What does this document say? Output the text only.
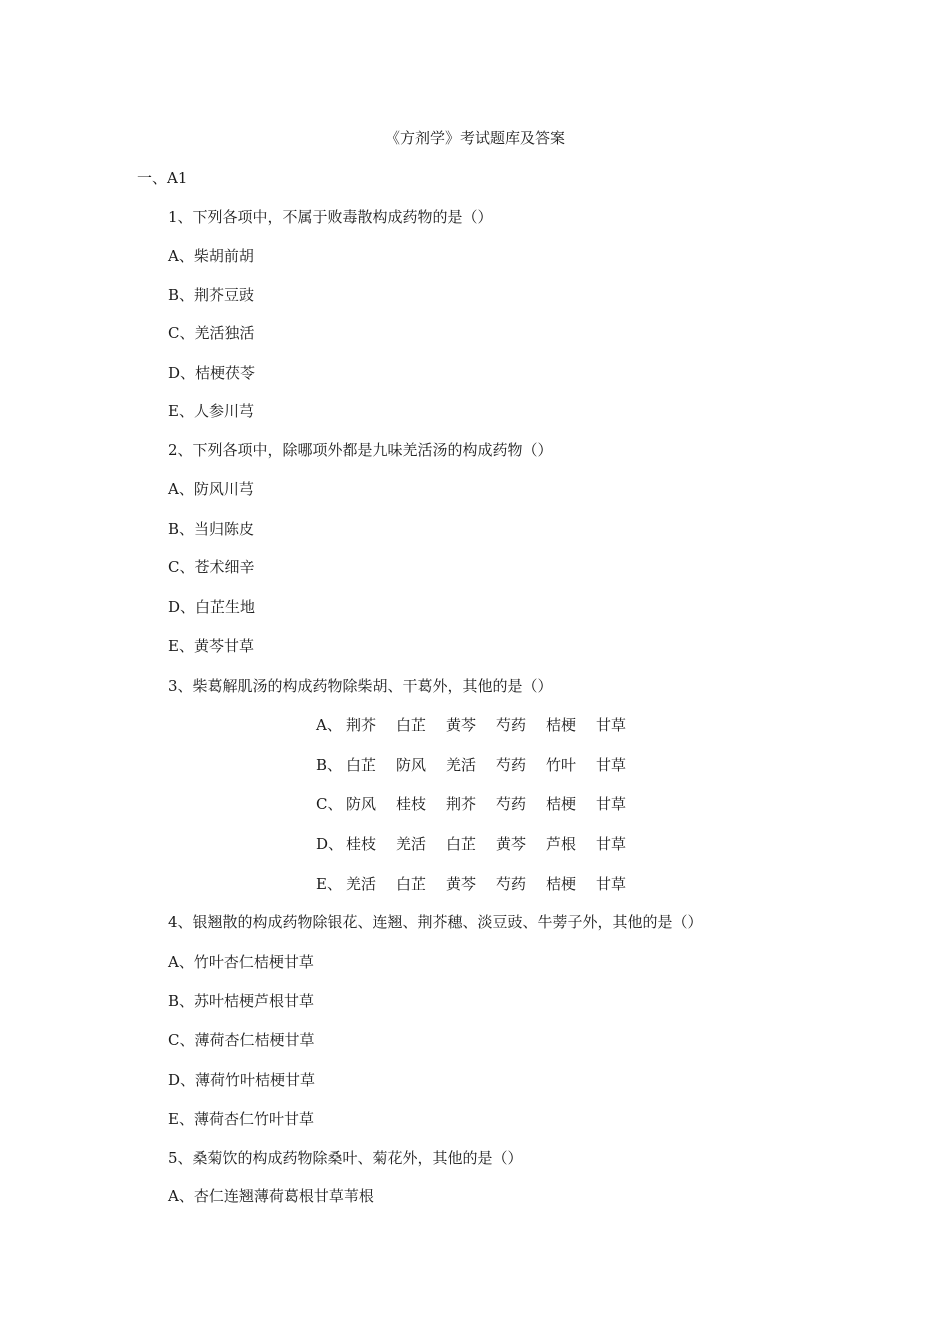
《方剂学》考试题库及答案
一、A1
1、下列各项中，不属于败毒散构成药物的是（）
A、柴胡前胡
B、荆芥豆豉
C、羌活独活
D、桔梗茯苓
E、人参川芎
2、下列各项中，除哪项外都是九味羌活汤的构成药物（）
A、防风川芎
B、当归陈皮
C、苍术细辛
D、白芷生地
E、黄芩甘草
3、柴葛解肌汤的构成药物除柴胡、干葛外，其他的是（）
A、 荆芥 白芷 黄芩 芍药 桔梗 甘草
B、 白芷 防风 羌活 芍药 竹叶 甘草
C、 防风 桂枝 荆芥 芍药 桔梗 甘草
D、 桂枝 羌活 白芷 黄芩 芦根 甘草
E、 羌活 白芷 黄芩 芍药 桔梗 甘草
4、银翘散的构成药物除银花、连翘、荆芥穗、淡豆豉、牛蒡子外，其他的是（）
A、竹叶杏仁桔梗甘草
B、苏叶桔梗芦根甘草
C、薄荷杏仁桔梗甘草
D、薄荷竹叶桔梗甘草
E、薄荷杏仁竹叶甘草
5、桑菊饮的构成药物除桑叶、菊花外，其他的是（）
A、杏仁连翘薄荷葛根甘草苇根
